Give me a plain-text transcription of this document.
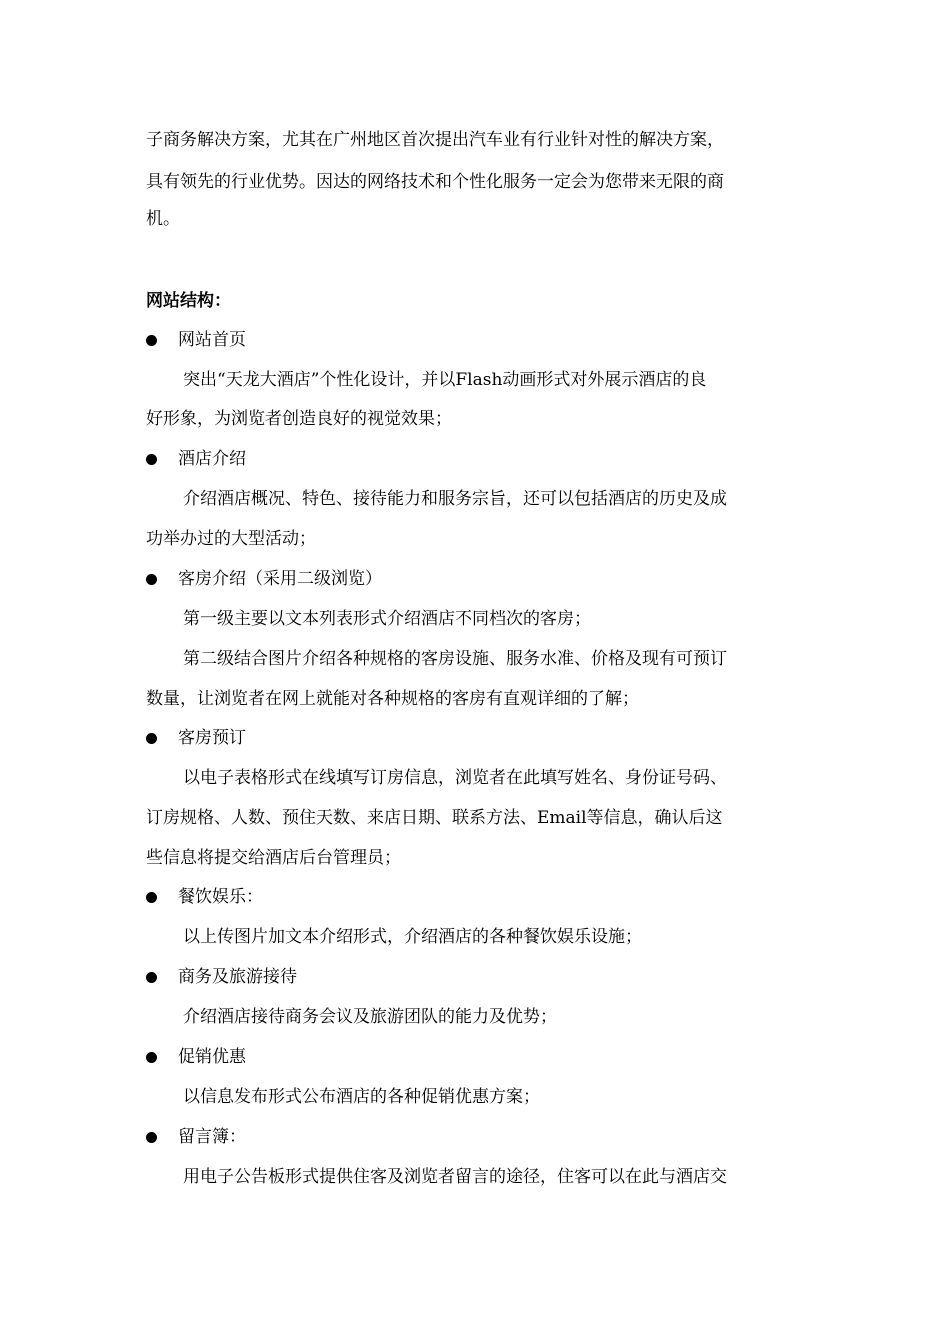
子商务解决方案，尤其在广州地区首次提出汽车业有行业针对性的解决方案，
具有领先的行业优势。因达的网络技术和个性化服务一定会为您带来无限的商
机。
网站结构：
网站首页
突出“天龙大酒店”个性化设计，并以Flash动画形式对外展示酒店的良
好形象，为浏览者创造良好的视觉效果；
酒店介绍
介绍酒店概况、特色、接待能力和服务宗旨，还可以包括酒店的历史及成
功举办过的大型活动；
客房介绍（采用二级浏览）
第一级主要以文本列表形式介绍酒店不同档次的客房；
第二级结合图片介绍各种规格的客房设施、服务水准、价格及现有可预订
数量，让浏览者在网上就能对各种规格的客房有直观详细的了解；
客房预订
以电子表格形式在线填写订房信息，浏览者在此填写姓名、身份证号码、
订房规格、人数、预住天数、来店日期、联系方法、Email等信息，确认后这
些信息将提交给酒店后台管理员；
餐饮娱乐：
以上传图片加文本介绍形式，介绍酒店的各种餐饮娱乐设施；
商务及旅游接待
介绍酒店接待商务会议及旅游团队的能力及优势；
促销优惠
以信息发布形式公布酒店的各种促销优惠方案；
留言簿：
用电子公告板形式提供住客及浏览者留言的途径，住客可以在此与酒店交
